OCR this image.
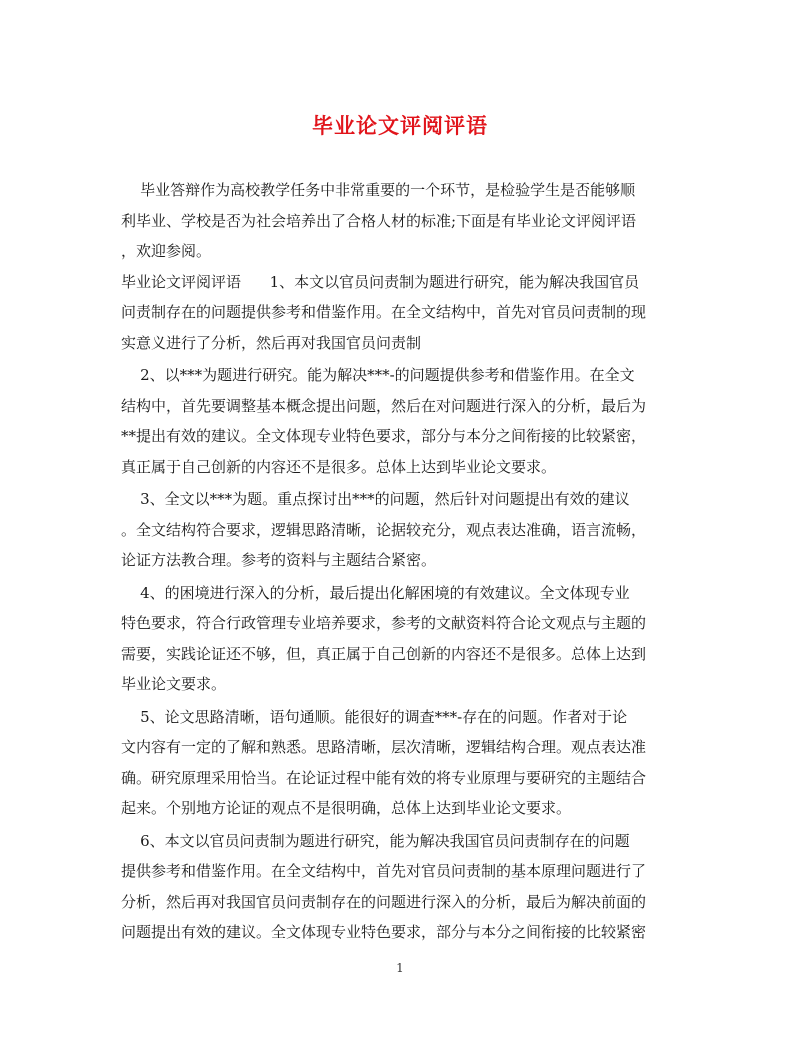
毕业论文评阅评语
毕业答辩作为高校教学任务中非常重要的一个环节，是检验学生是否能够顺
利毕业、学校是否为社会培养出了合格人材的标准;下面是有毕业论文评阅评语
，欢迎参阅。
毕业论文评阅评语      1、本文以官员问责制为题进行研究，能为解决我国官员
问责制存在的问题提供参考和借鉴作用。在全文结构中，首先对官员问责制的现
实意义进行了分析，然后再对我国官员问责制
2、以***为题进行研究。能为解决***-的问题提供参考和借鉴作用。在全文
结构中，首先要调整基本概念提出问题，然后在对问题进行深入的分析，最后为
**提出有效的建议。全文体现专业特色要求，部分与本分之间衔接的比较紧密，
真正属于自己创新的内容还不是很多。总体上达到毕业论文要求。
3、全文以***为题。重点探讨出***的问题，然后针对问题提出有效的建议
。全文结构符合要求，逻辑思路清晰，论据较充分，观点表达准确，语言流畅，
论证方法教合理。参考的资料与主题结合紧密。
4、的困境进行深入的分析，最后提出化解困境的有效建议。全文体现专业
特色要求，符合行政管理专业培养要求，参考的文献资料符合论文观点与主题的
需要，实践论证还不够，但，真正属于自己创新的内容还不是很多。总体上达到
毕业论文要求。
5、论文思路清晰，语句通顺。能很好的调查***-存在的问题。作者对于论
文内容有一定的了解和熟悉。思路清晰，层次清晰，逻辑结构合理。观点表达准
确。研究原理采用恰当。在论证过程中能有效的将专业原理与要研究的主题结合
起来。个别地方论证的观点不是很明确，总体上达到毕业论文要求。
6、本文以官员问责制为题进行研究，能为解决我国官员问责制存在的问题
提供参考和借鉴作用。在全文结构中，首先对官员问责制的基本原理问题进行了
分析，然后再对我国官员问责制存在的问题进行深入的分析，最后为解决前面的
问题提出有效的建议。全文体现专业特色要求，部分与本分之间衔接的比较紧密
1
